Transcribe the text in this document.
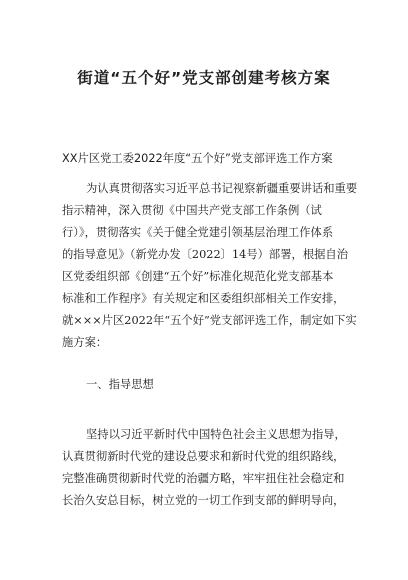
街道“五个好”党支部创建考核方案
XX片区党工委2022年度“五个好”党支部评选工作方案
为认真贯彻落实习近平总书记视察新疆重要讲话和重要
指示精神，深入贯彻《中国共产党支部工作条例（试
行）》，贯彻落实《关于健全党建引领基层治理工作体系
的指导意见》（新党办发〔2022〕14号）部署，根据自治
区党委组织部《创建“五个好”标准化规范化党支部基本
标准和工作程序》有关规定和区委组织部相关工作安排，
就×××片区2022年“五个好”党支部评选工作，制定如下实
施方案：
一、指导思想
坚持以习近平新时代中国特色社会主义思想为指导，
认真贯彻新时代党的建设总要求和新时代党的组织路线，
完整准确贯彻新时代党的治疆方略，牢牢扭住社会稳定和
长治久安总目标，树立党的一切工作到支部的鲜明导向，
